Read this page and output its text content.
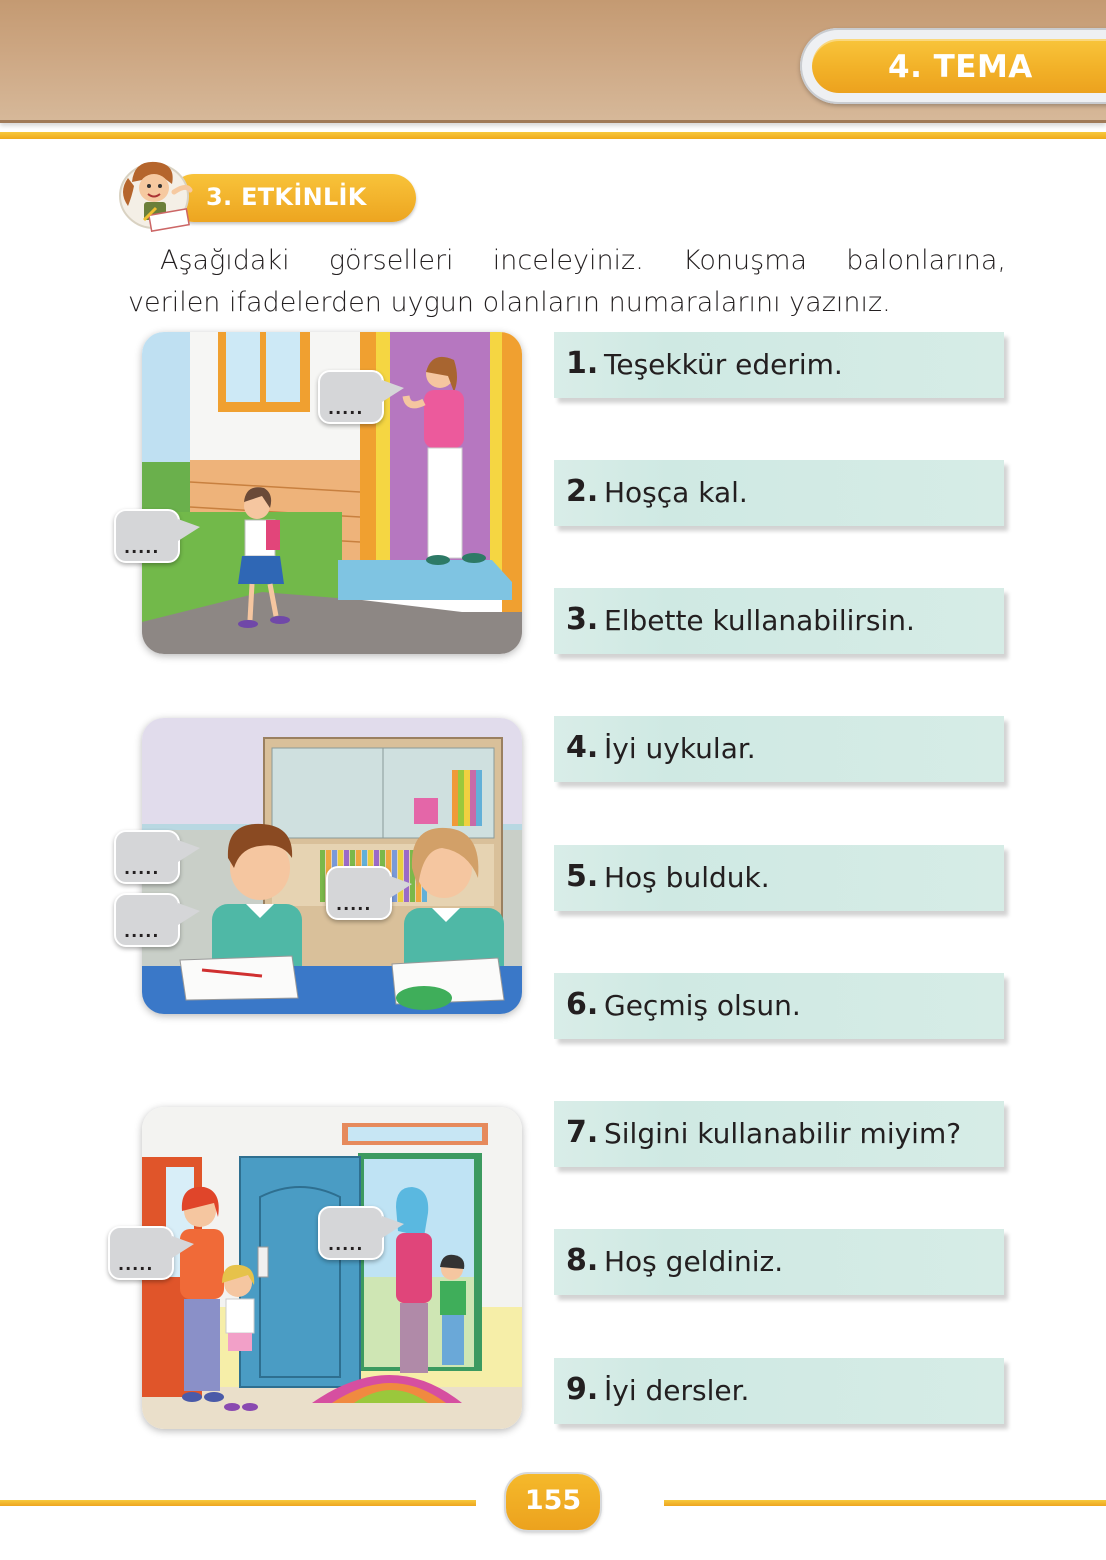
4. TEMA
3. ETKİNLİK
Aşağıdaki görselleri inceleyiniz. Konuşma balonlarına,
verilen ifadelerden uygun olanların numaralarını yazınız.
.....
.....
.....
.....
.....
.....
.....
1. Teşekkür ederim.
2. Hoşça kal.
3. Elbette kullanabilirsin.
4. İyi uykular.
5. Hoş bulduk.
6. Geçmiş olsun.
7. Silgini kullanabilir miyim?
8. Hoş geldiniz.
9. İyi dersler.
155
